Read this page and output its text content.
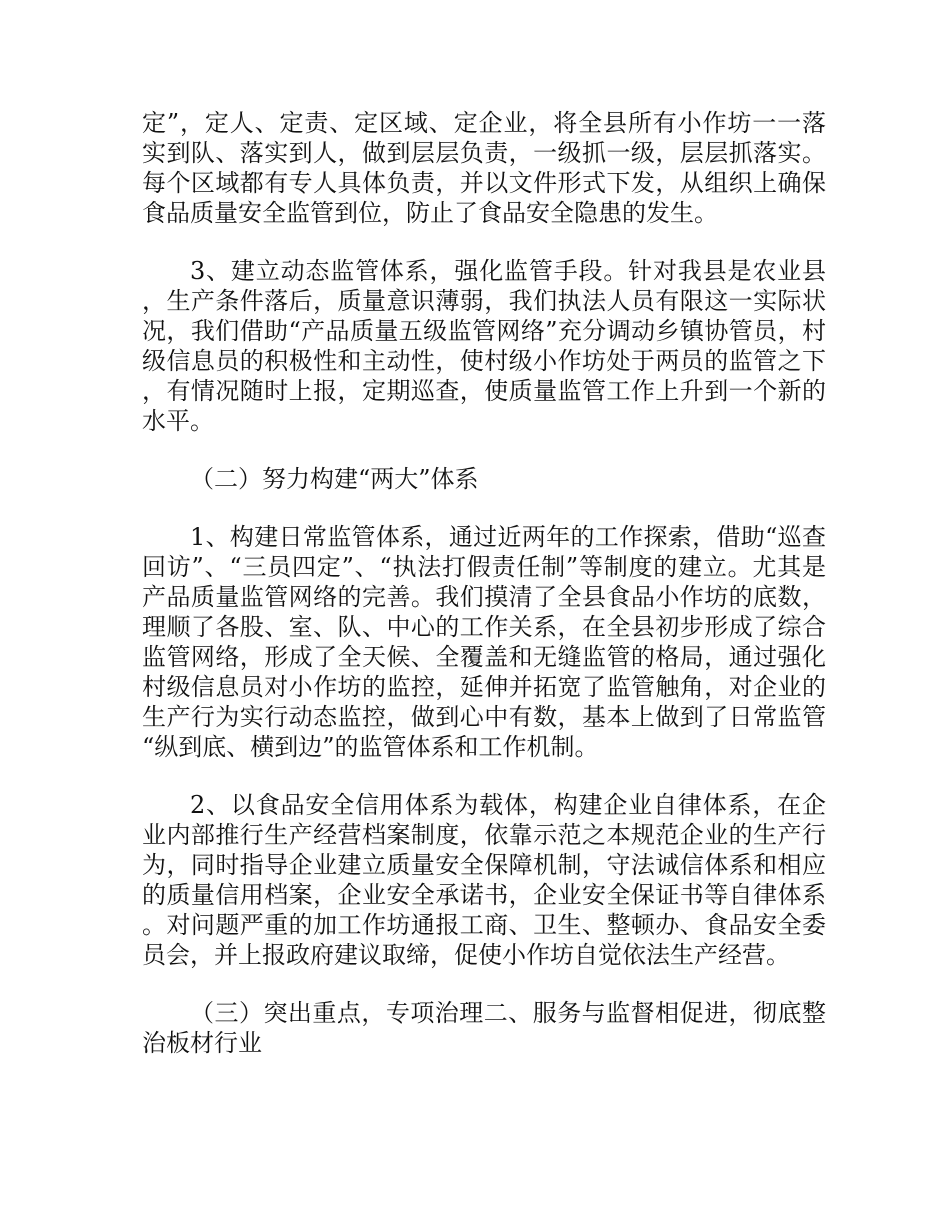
定”，定人、定责、定区域、定企业，将全县所有小作坊一一落实到队、落实到人，做到层层负责，一级抓一级，层层抓落实。每个区域都有专人具体负责，并以文件形式下发，从组织上确保食品质量安全监管到位，防止了食品安全隐患的发生。

3、建立动态监管体系，强化监管手段。针对我县是农业县，生产条件落后，质量意识薄弱，我们执法人员有限这一实际状况，我们借助“产品质量五级监管网络”充分调动乡镇协管员，村级信息员的积极性和主动性，使村级小作坊处于两员的监管之下，有情况随时上报，定期巡查，使质量监管工作上升到一个新的水平。

（二）努力构建“两大”体系

1、构建日常监管体系，通过近两年的工作探索，借助“巡查回访”、“三员四定”、“执法打假责任制”等制度的建立。尤其是产品质量监管网络的完善。我们摸清了全县食品小作坊的底数，理顺了各股、室、队、中心的工作关系，在全县初步形成了综合监管网络，形成了全天候、全覆盖和无缝监管的格局，通过强化村级信息员对小作坊的监控，延伸并拓宽了监管触角，对企业的生产行为实行动态监控，做到心中有数，基本上做到了日常监管“纵到底、横到边”的监管体系和工作机制。

2、以食品安全信用体系为载体，构建企业自律体系，在企业内部推行生产经营档案制度，依靠示范之本规范企业的生产行为，同时指导企业建立质量安全保障机制，守法诚信体系和相应的质量信用档案，企业安全承诺书，企业安全保证书等自律体系。对问题严重的加工作坊通报工商、卫生、整顿办、食品安全委员会，并上报政府建议取缔，促使小作坊自觉依法生产经营。

（三）突出重点，专项治理二、服务与监督相促进，彻底整治板材行业
